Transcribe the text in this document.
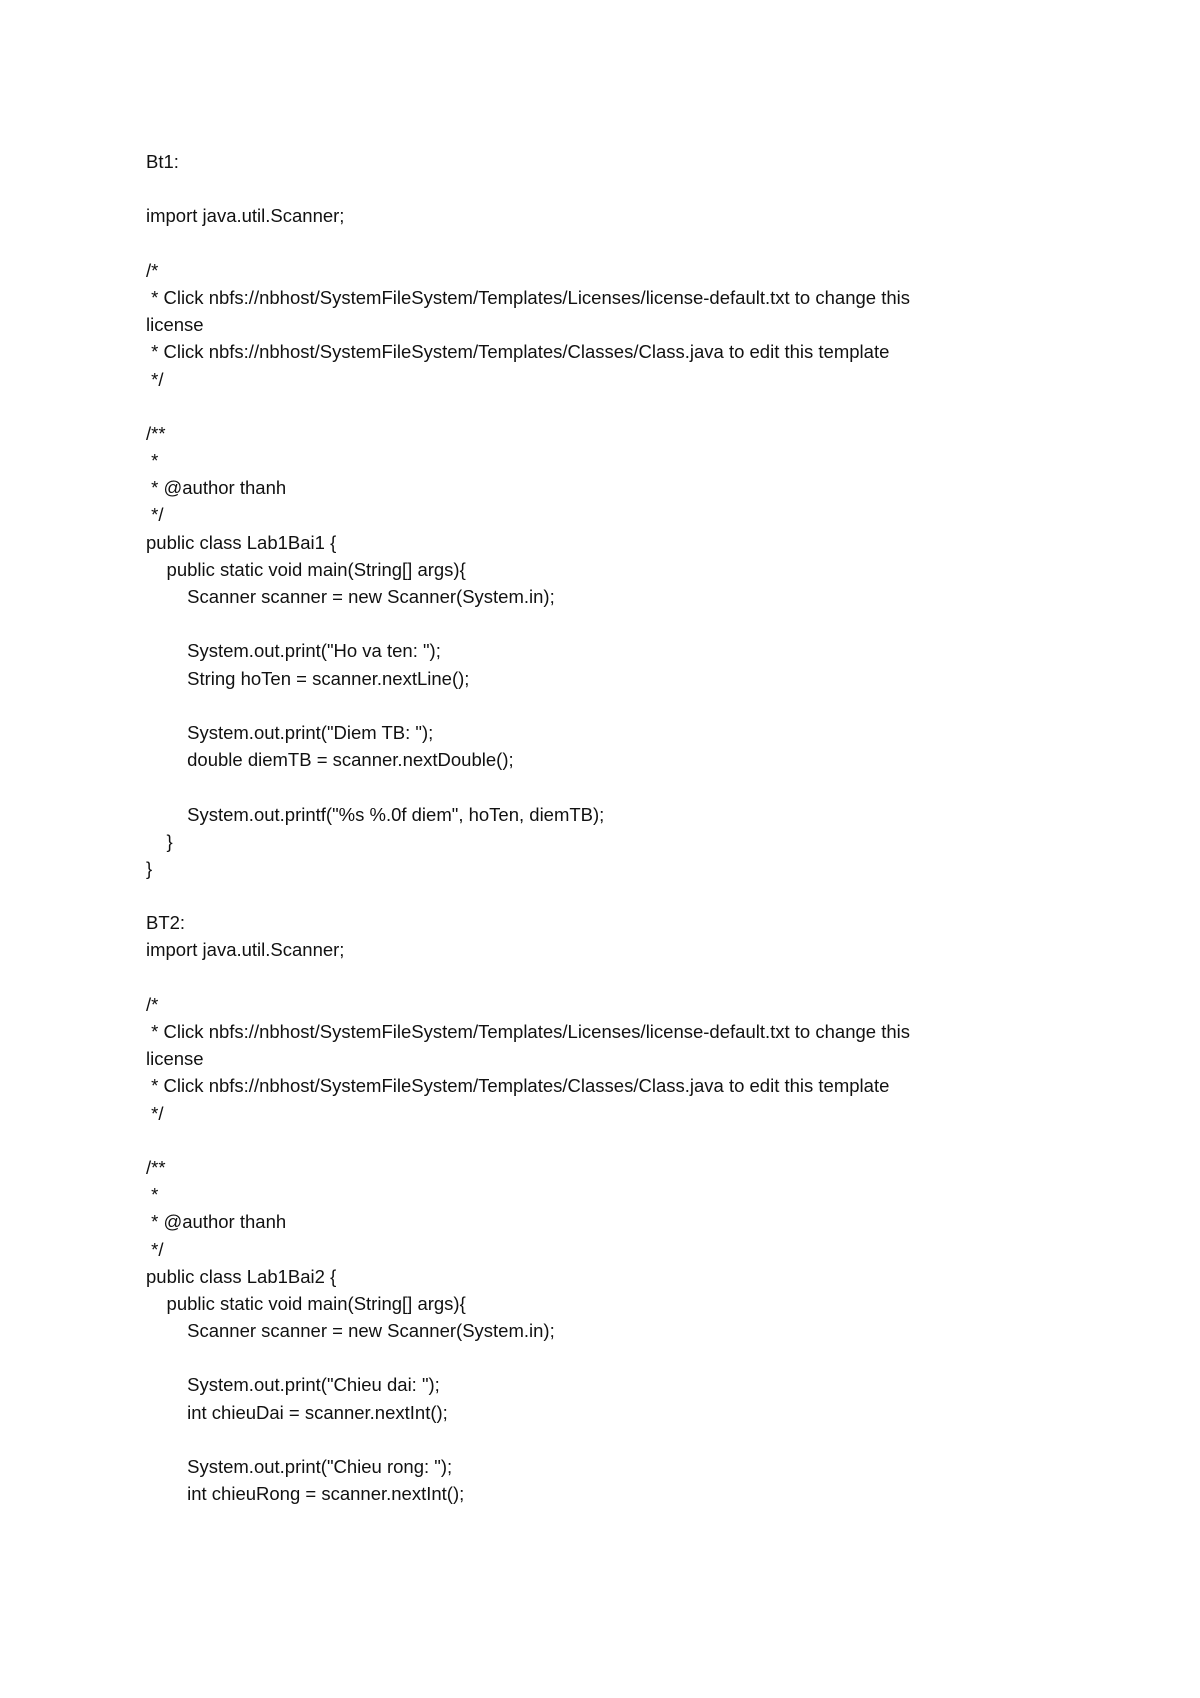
Bt1:
import java.util.Scanner;
/*
* Click nbfs://nbhost/SystemFileSystem/Templates/Licenses/license-default.txt to change this
license
* Click nbfs://nbhost/SystemFileSystem/Templates/Classes/Class.java to edit this template
*/
/**
*
* @author thanh
*/
public class Lab1Bai1 {
public static void main(String[] args){
Scanner scanner = new Scanner(System.in);
System.out.print("Ho va ten: ");
String hoTen = scanner.nextLine();
System.out.print("Diem TB: ");
double diemTB = scanner.nextDouble();
System.out.printf("%s %.0f diem", hoTen, diemTB);
}
}
BT2:
import java.util.Scanner;
/*
* Click nbfs://nbhost/SystemFileSystem/Templates/Licenses/license-default.txt to change this
license
* Click nbfs://nbhost/SystemFileSystem/Templates/Classes/Class.java to edit this template
*/
/**
*
* @author thanh
*/
public class Lab1Bai2 {
public static void main(String[] args){
Scanner scanner = new Scanner(System.in);
System.out.print("Chieu dai: ");
int chieuDai = scanner.nextInt();
System.out.print("Chieu rong: ");
int chieuRong = scanner.nextInt();
